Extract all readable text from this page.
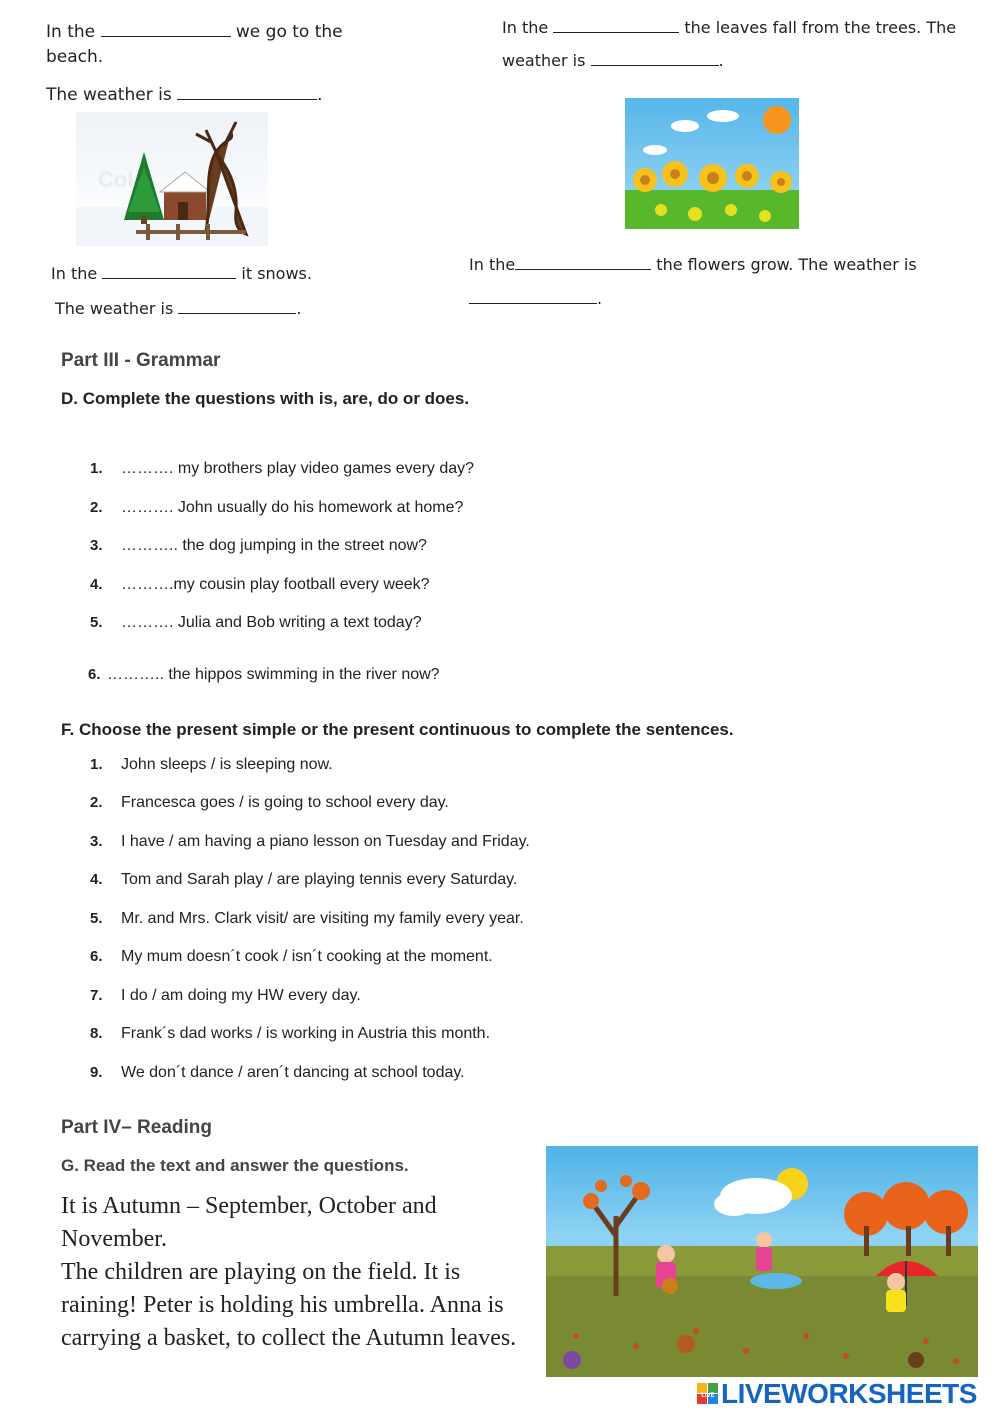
In the	we go to the
beach.
The weather is	.
In the	the leaves fall from the trees. The
weather is	.
Col
In the	it snows.
The weather is	.
In the	the flowers grow. The weather is
.
Part III - Grammar
D. Complete the questions with is, are, do or does.
1.	………. my brothers play video games every day?
2.	………. John usually do his homework at home?
3.	……….. the dog jumping in the street now?
4.	……….my cousin play football every week?
5.	………. Julia and Bob writing a text today?
6. ……….. the hippos swimming in the river now?
F. Choose the present simple or the present continuous to complete the sentences.
1.	John sleeps / is sleeping now.
2.	Francesca goes / is going to school every day.
3.	I have / am having a piano lesson on Tuesday and Friday.
4.	Tom and Sarah play / are playing tennis every Saturday.
5.	Mr. and Mrs. Clark visit/ are visiting my family every year.
6.	My mum doesn´t cook / isn´t cooking at the moment.
7.	I do / am doing my HW every day.
8.	Frank´s dad works / is working in Austria this month.
9.	We don´t dance / aren´t dancing at school today.
Part IV– Reading
G. Read the text and answer the questions.
It is Autumn – September, October and
November.
The children are playing on the field. It is
raining! Peter is holding his umbrella. Anna is
carrying a basket, to collect the Autumn leaves.
LIVE LIVEWORKSHEETS
